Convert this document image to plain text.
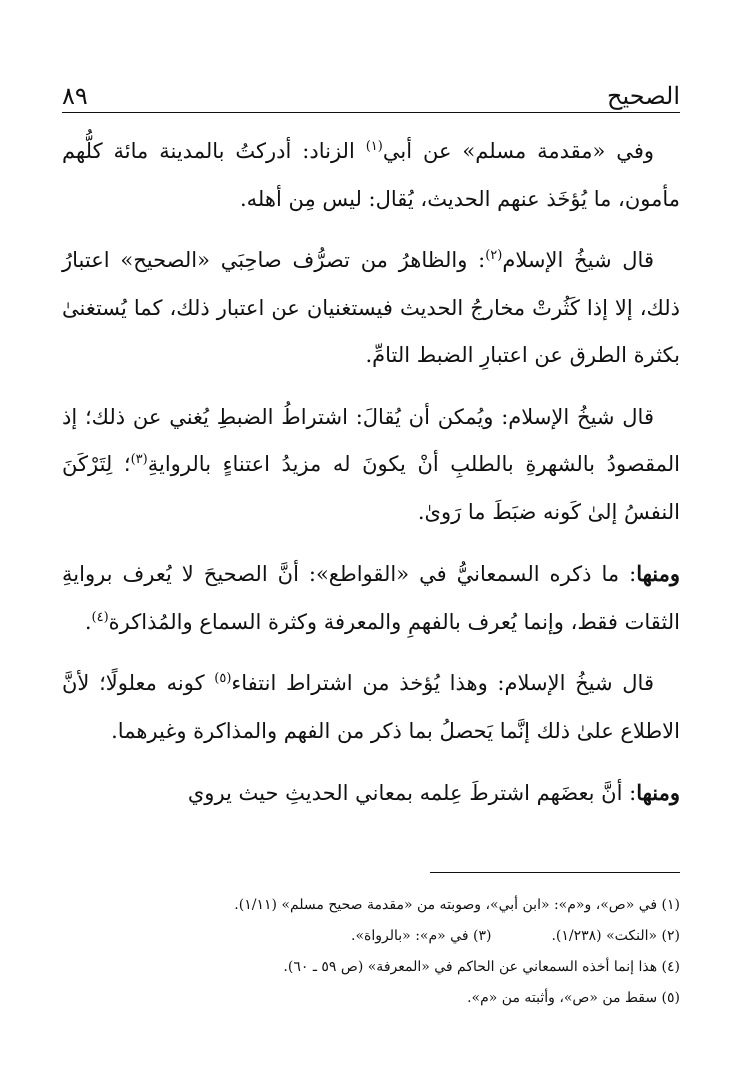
٨٩	الصحيح

وفي «مقدمة مسلم» عن أبي$^{(١)}$ الزناد: أدركتُ بالمدينة مائة كلُّهم مأمون، ما يُؤخَذ عنهم الحديث، يُقال: ليس مِن أهله.

قال شيخُ الإسلام$^{(٢)}$: والظاهرُ من تصرُّف صاحِبَي «الصحيح» اعتبارُ ذلك، إلا إذا كَثُرتْ مخارجُ الحديث فيستغنيان عن اعتبار ذلك، كما يُستغنىٰ بكثرة الطرق عن اعتبارِ الضبط التامِّ.

قال شيخُ الإسلام: ويُمكن أن يُقالَ: اشتراطُ الضبطِ يُغني عن ذلك؛ إذ المقصودُ بالشهرةِ بالطلبِ أنْ يكونَ له مزيدُ اعتناءٍ بالروايةِ$^{(٣)}$؛ لِتَرْكَنَ النفسُ إلىٰ كَونه ضبَطَ ما رَوىٰ.

ومنها: ما ذكره السمعانيُّ في «القواطع»: أنَّ الصحيحَ لا يُعرف بروايةِ الثقات فقط، وإنما يُعرف بالفهمِ والمعرفة وكثرة السماع والمُذاكرة$^{(٤)}$.

قال شيخُ الإسلام: وهذا يُؤخذ من اشتراط انتفاء$^{(٥)}$ كونه معلولًا؛ لأنَّ الاطلاع علىٰ ذلك إنَّما يَحصلُ بما ذكر من الفهم والمذاكرة وغيرهما.

ومنها: أنَّ بعضَهم اشترطَ عِلمه بمعاني الحديثِ حيث يروي

(١) في «ص»، و«م»: «ابن أبي»، وصوبته من «مقدمة صحيح مسلم» (١/١١).
(٢) «النكت» (١/٢٣٨).
(٣) في «م»: «بالرواة».
(٤) هذا إنما أخذه السمعاني عن الحاكم في «المعرفة» (ص ٥٩ ـ ٦٠).
(٥) سقط من «ص»، وأثبته من «م».
